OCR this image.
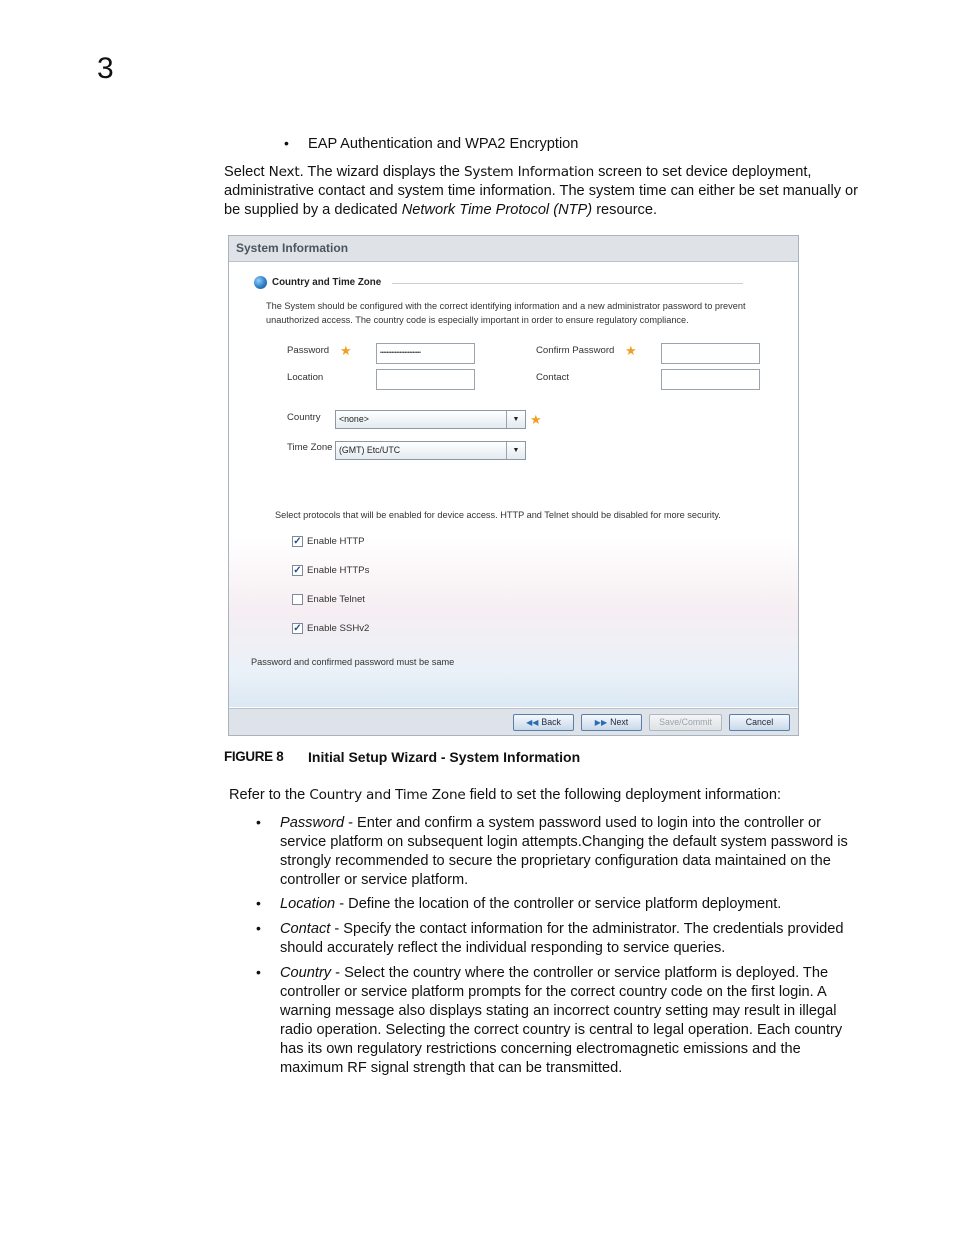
3
• EAP Authentication and WPA2 Encryption
Select Next. The wizard displays the System Information screen to set device deployment,
administrative contact and system time information. The system time can either be set manually or
be supplied by a dedicated Network Time Protocol (NTP) resource.
System Information
Country and Time Zone
The System should be configured with the correct identifying information and a new administrator password to prevent
unauthorized access. The country code is especially important in order to ensure regulatory compliance.
Password ★	•••••••••••••••••••••••••	Confirm Password ★
Location	Contact
Country	<none>	▼ ★
Time Zone (GMT) Etc/UTC	▼
Select protocols that will be enabled for device access. HTTP and Telnet should be disabled for more security.
✓ Enable HTTP
✓ Enable HTTPs
Enable Telnet
✓ Enable SSHv2
Password and confirmed password must be same
◀◀ Back	▶▶ Next	Save/Commit	Cancel
FIGURE 8 Initial Setup Wizard - System Information
Refer to the Country and Time Zone field to set the following deployment information:
• Password - Enter and confirm a system password used to login into the controller or
service platform on subsequent login attempts.Changing the default system password is
strongly recommended to secure the proprietary configuration data maintained on the
controller or service platform.
• Location - Define the location of the controller or service platform deployment.
• Contact - Specify the contact information for the administrator. The credentials provided
should accurately reflect the individual responding to service queries.
• Country - Select the country where the controller or service platform is deployed. The
controller or service platform prompts for the correct country code on the first login. A
warning message also displays stating an incorrect country setting may result in illegal
radio operation. Selecting the correct country is central to legal operation. Each country
has its own regulatory restrictions concerning electromagnetic emissions and the
maximum RF signal strength that can be transmitted.
